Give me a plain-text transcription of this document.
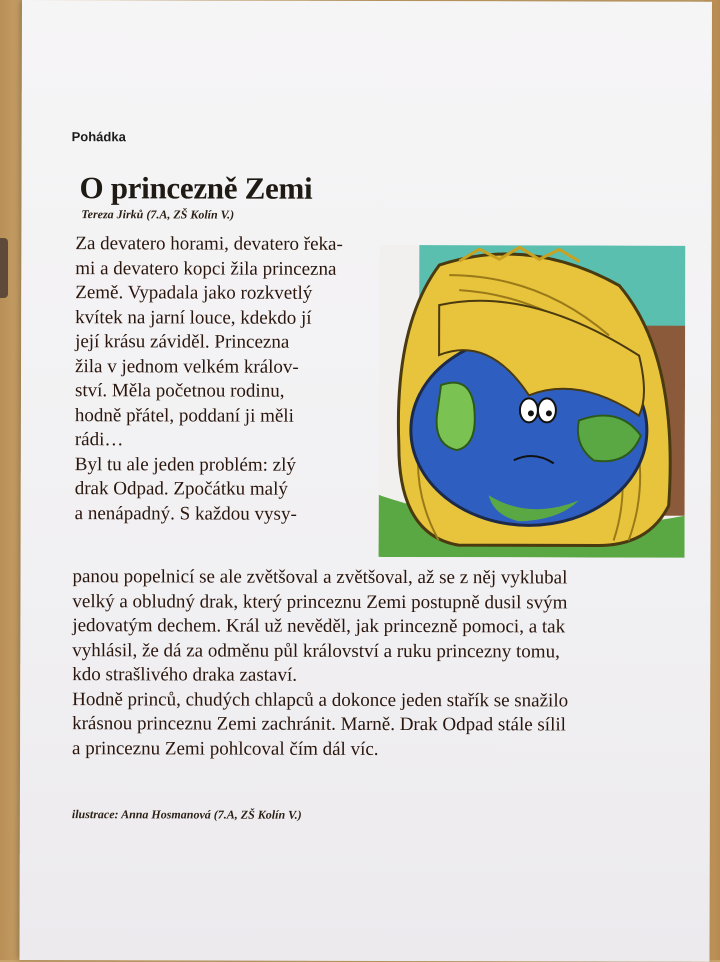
Pohádka
O princezně Zemi
Tereza Jirků (7.A, ZŠ Kolín V.)
Za devatero horami, devatero řeka-
mi a devatero kopci žila princezna
Země. Vypadala jako rozkvetlý
kvítek na jarní louce, kdekdo jí
její krásu záviděl. Princezna
žila v jednom velkém králov-
ství. Měla početnou rodinu,
hodně přátel, poddaní ji měli
rádi…
Byl tu ale jeden problém: zlý
drak Odpad. Zpočátku malý
a nenápadný. S každou vysy-
panou popelnicí se ale zvětšoval a zvětšoval, až se z něj vyklubal
velký a obludný drak, který princeznu Zemi postupně dusil svým
jedovatým dechem. Král už nevěděl, jak princezně pomoci, a tak
vyhlásil, že dá za odměnu půl království a ruku princezny tomu,
kdo strašlivého draka zastaví.
Hodně princů, chudých chlapců a dokonce jeden stařík se snažilo
krásnou princeznu Zemi zachránit. Marně. Drak Odpad stále sílil
a princeznu Zemi pohlcoval čím dál víc.
ilustrace: Anna Hosmanová (7.A, ZŠ Kolín V.)
